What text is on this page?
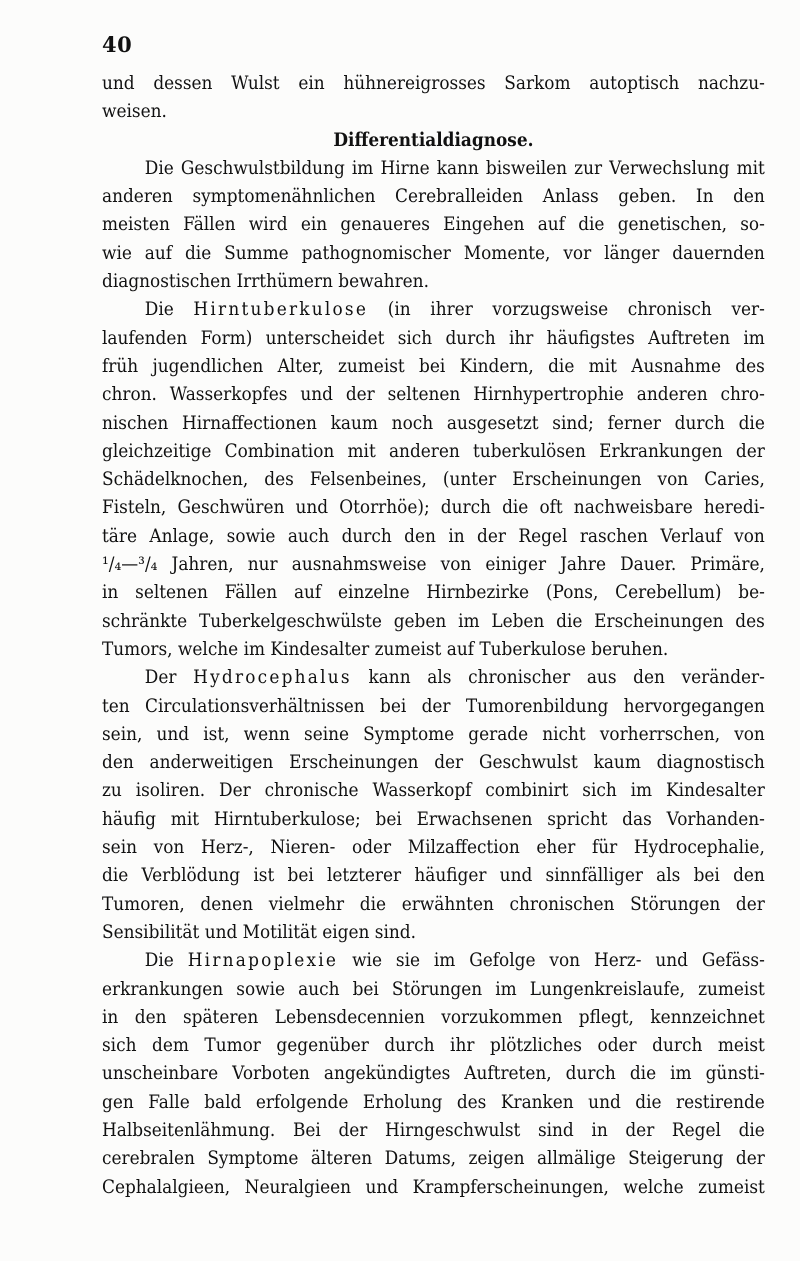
40
und dessen Wulst ein hühnereigrosses Sarkom autoptisch nachzu-
weisen.
Differentialdiagnose.
Die Geschwulstbildung im Hirne kann bisweilen zur Verwechslung mit
anderen symptomenähnlichen Cerebralleiden Anlass geben. In den
meisten Fällen wird ein genaueres Eingehen auf die genetischen, so-
wie auf die Summe pathognomischer Momente, vor länger dauernden
diagnostischen Irrthümern bewahren.
Die Hirntuberkulose (in ihrer vorzugsweise chronisch ver-
laufenden Form) unterscheidet sich durch ihr häufigstes Auftreten im
früh jugendlichen Alter, zumeist bei Kindern, die mit Ausnahme des
chron. Wasserkopfes und der seltenen Hirnhypertrophie anderen chro-
nischen Hirnaffectionen kaum noch ausgesetzt sind; ferner durch die
gleichzeitige Combination mit anderen tuberkulösen Erkrankungen der
Schädelknochen, des Felsenbeines, (unter Erscheinungen von Caries,
Fisteln, Geschwüren und Otorrhöe); durch die oft nachweisbare heredi-
täre Anlage, sowie auch durch den in der Regel raschen Verlauf von
¹/₄—³/₄ Jahren, nur ausnahmsweise von einiger Jahre Dauer. Primäre,
in seltenen Fällen auf einzelne Hirnbezirke (Pons, Cerebellum) be-
schränkte Tuberkelgeschwülste geben im Leben die Erscheinungen des
Tumors, welche im Kindesalter zumeist auf Tuberkulose beruhen.
Der Hydrocephalus kann als chronischer aus den veränder-
ten Circulationsverhältnissen bei der Tumorenbildung hervorgegangen
sein, und ist, wenn seine Symptome gerade nicht vorherrschen, von
den anderweitigen Erscheinungen der Geschwulst kaum diagnostisch
zu isoliren. Der chronische Wasserkopf combinirt sich im Kindesalter
häufig mit Hirntuberkulose; bei Erwachsenen spricht das Vorhanden-
sein von Herz-, Nieren- oder Milzaffection eher für Hydrocephalie,
die Verblödung ist bei letzterer häufiger und sinnfälliger als bei den
Tumoren, denen vielmehr die erwähnten chronischen Störungen der
Sensibilität und Motilität eigen sind.
Die Hirnapoplexie wie sie im Gefolge von Herz- und Gefäss-
erkrankungen sowie auch bei Störungen im Lungenkreislaufe, zumeist
in den späteren Lebensdecennien vorzukommen pflegt, kennzeichnet
sich dem Tumor gegenüber durch ihr plötzliches oder durch meist
unscheinbare Vorboten angekündigtes Auftreten, durch die im günsti-
gen Falle bald erfolgende Erholung des Kranken und die restirende
Halbseitenlähmung. Bei der Hirngeschwulst sind in der Regel die
cerebralen Symptome älteren Datums, zeigen allmälige Steigerung der
Cephalalgieen, Neuralgieen und Krampferscheinungen, welche zumeist
